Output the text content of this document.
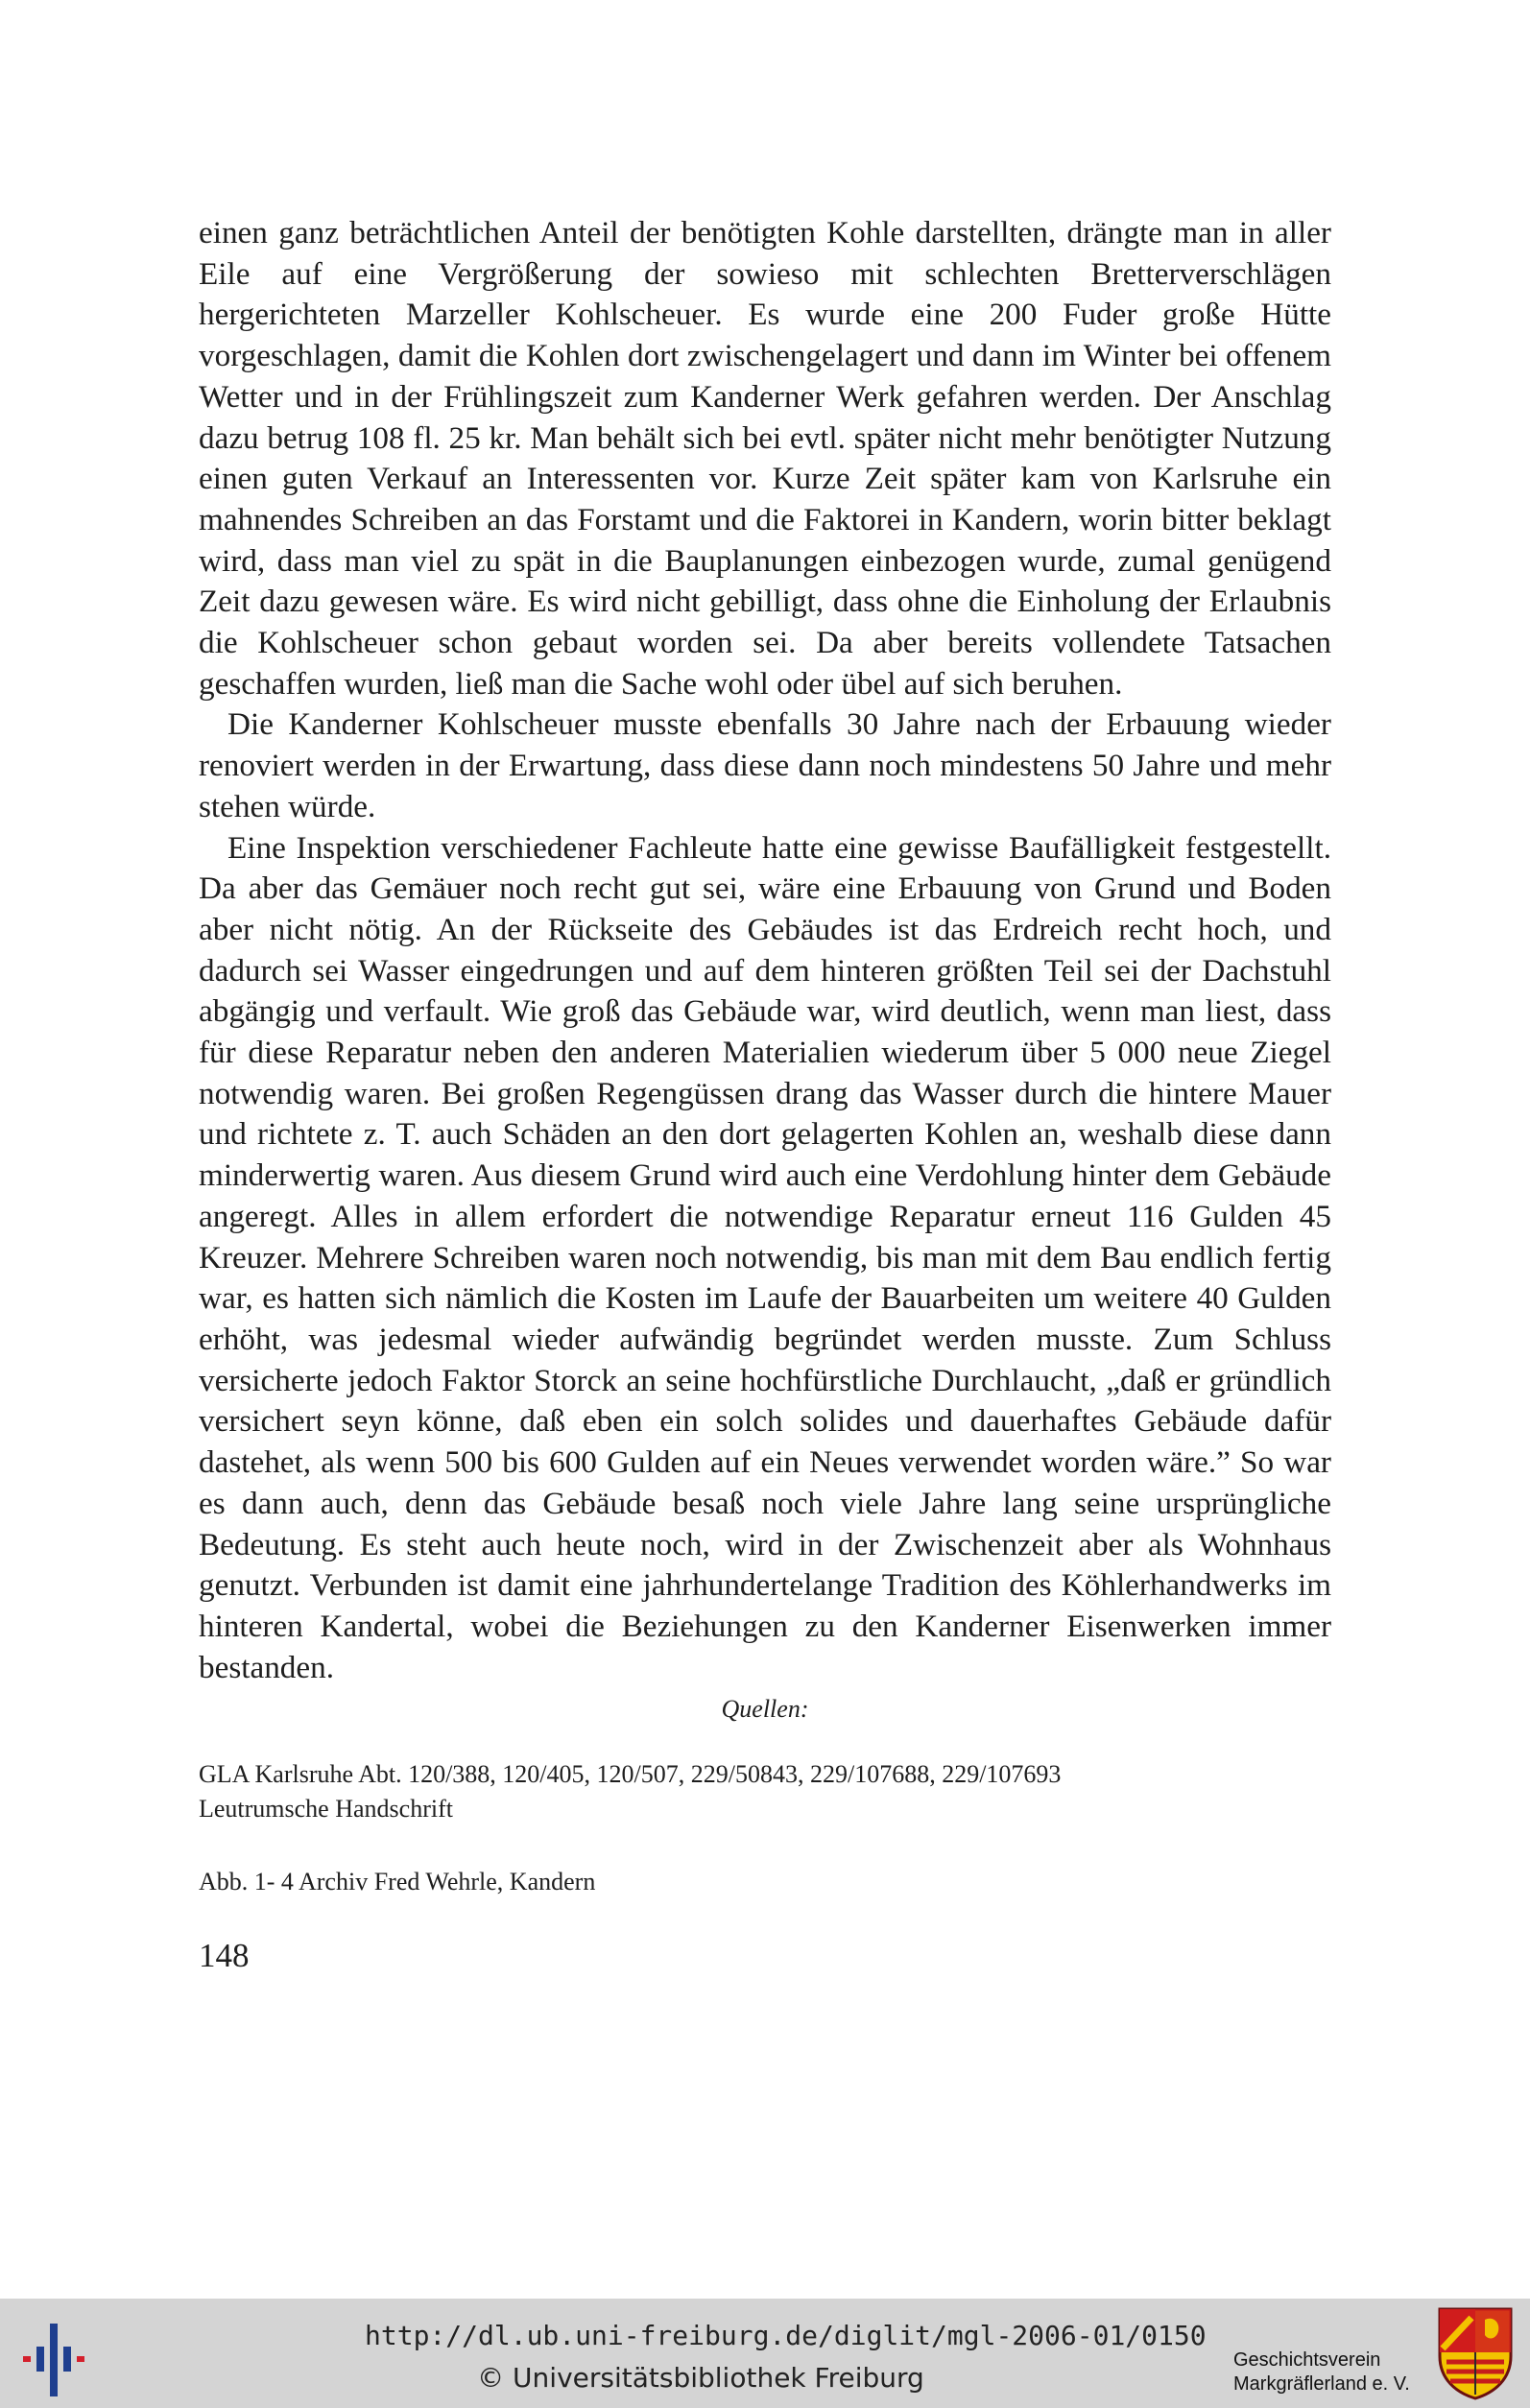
einen ganz beträchtlichen Anteil der benötigten Kohle darstellten, drängte man in aller Eile auf eine Vergrößerung der sowieso mit schlechten Bretterverschlägen hergerichteten Marzeller Kohlscheuer. Es wurde eine 200 Fuder große Hütte vorgeschlagen, damit die Kohlen dort zwischengelagert und dann im Winter bei offenem Wetter und in der Frühlingszeit zum Kanderner Werk gefahren werden. Der Anschlag dazu betrug 108 fl. 25 kr. Man behält sich bei evtl. später nicht mehr benötigter Nutzung einen guten Verkauf an Interessenten vor. Kurze Zeit später kam von Karlsruhe ein mahnendes Schreiben an das Forstamt und die Faktorei in Kandern, worin bitter beklagt wird, dass man viel zu spät in die Bauplanungen einbezogen wurde, zumal genügend Zeit dazu gewesen wäre. Es wird nicht gebilligt, dass ohne die Einholung der Erlaubnis die Kohlscheuer schon gebaut worden sei. Da aber bereits vollendete Tatsachen geschaffen wurden, ließ man die Sache wohl oder übel auf sich beruhen.

Die Kanderner Kohlscheuer musste ebenfalls 30 Jahre nach der Erbauung wieder renoviert werden in der Erwartung, dass diese dann noch mindestens 50 Jahre und mehr stehen würde.

Eine Inspektion verschiedener Fachleute hatte eine gewisse Baufälligkeit festgestellt. Da aber das Gemäuer noch recht gut sei, wäre eine Erbauung von Grund und Boden aber nicht nötig. An der Rückseite des Gebäudes ist das Erdreich recht hoch, und dadurch sei Wasser eingedrungen und auf dem hinteren größten Teil sei der Dachstuhl abgängig und verfault. Wie groß das Gebäude war, wird deutlich, wenn man liest, dass für diese Reparatur neben den anderen Materialien wiederum über 5 000 neue Ziegel notwendig waren. Bei großen Regengüssen drang das Wasser durch die hintere Mauer und richtete z. T. auch Schäden an den dort gelagerten Kohlen an, weshalb diese dann minderwertig waren. Aus diesem Grund wird auch eine Verdohlung hinter dem Gebäude angeregt. Alles in allem erfordert die notwendige Reparatur erneut 116 Gulden 45 Kreuzer. Mehrere Schreiben waren noch notwendig, bis man mit dem Bau endlich fertig war, es hatten sich nämlich die Kosten im Laufe der Bauarbeiten um weitere 40 Gulden erhöht, was jedesmal wieder aufwändig begründet werden musste. Zum Schluss versicherte jedoch Faktor Storck an seine hochfürstliche Durchlaucht, „daß er gründlich versichert seyn könne, daß eben ein solch solides und dauerhaftes Gebäude dafür dastehet, als wenn 500 bis 600 Gulden auf ein Neues verwendet worden wäre.” So war es dann auch, denn das Gebäude besaß noch viele Jahre lang seine ursprüngliche Bedeutung. Es steht auch heute noch, wird in der Zwischenzeit aber als Wohnhaus genutzt. Verbunden ist damit eine jahrhundertelange Tradition des Köhlerhandwerks im hinteren Kandertal, wobei die Beziehungen zu den Kanderner Eisenwerken immer bestanden.

Quellen:
GLA Karlsruhe Abt. 120/388, 120/405, 120/507, 229/50843, 229/107688, 229/107693
Leutrumsche Handschrift
Abb. 1- 4 Archiv Fred Wehrle, Kandern
148
http://dl.ub.uni-freiburg.de/diglit/mgl-2006-01/0150
© Universitätsbibliothek Freiburg
Geschichtsverein
Markgräflerland e. V.
